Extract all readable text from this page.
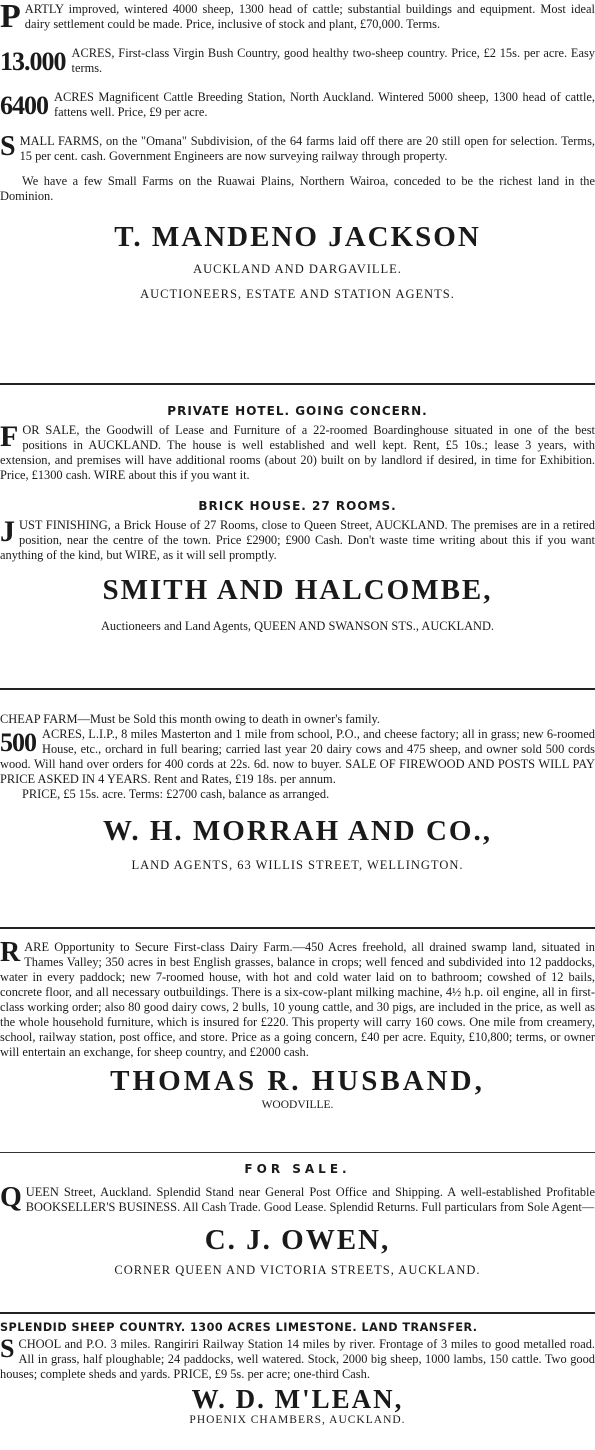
PARTLY improved, wintered 4000 sheep, 1300 head of cattle; substantial buildings and equipment. Most ideal dairy settlement could be made. Price, inclusive of stock and plant, £70,000. Terms.

13.000 ACRES, First-class Virgin Bush Country, good healthy two-sheep country. Price, £2 15s. per acre. Easy terms.

6400 ACRES Magnificent Cattle Breeding Station, North Auckland. Wintered 5000 sheep, 1300 head of cattle, fattens well. Price, £9 per acre.

SMALL FARMS, on the "Omana" Subdivision, of the 64 farms laid off there are 20 still open for selection. Terms, 15 per cent. cash. Government Engineers are now surveying railway through property.

We have a few Small Farms on the Ruawai Plains, Northern Wairoa, conceded to be the richest land in the Dominion.

T. MANDENO JACKSON

AUCKLAND AND DARGAVILLE.

AUCTIONEERS, ESTATE AND STATION AGENTS.

PRIVATE HOTEL. GOING CONCERN.

FOR SALE, the Goodwill of Lease and Furniture of a 22-roomed Boardinghouse situated in one of the best positions in AUCKLAND. The house is well established and well kept. Rent, £5 10s.; lease 3 years, with extension, and premises will have additional rooms (about 20) built on by landlord if desired, in time for Exhibition. Price, £1300 cash. WIRE about this if you want it.

BRICK HOUSE. 27 ROOMS.

JUST FINISHING, a Brick House of 27 Rooms, close to Queen Street, AUCKLAND. The premises are in a retired position, near the centre of the town. Price £2900; £900 Cash. Don't waste time writing about this if you want anything of the kind, but WIRE, as it will sell promptly.

SMITH AND HALCOMBE,

Auctioneers and Land Agents, QUEEN AND SWANSON STS., AUCKLAND.

CHEAP FARM—Must be Sold this month owing to death in owner's family.

500 ACRES, L.I.P., 8 miles Masterton and 1 mile from school, P.O., and cheese factory; all in grass; new 6-roomed House, etc., orchard in full bearing; carried last year 20 dairy cows and 475 sheep, and owner sold 500 cords wood. Will hand over orders for 400 cords at 22s. 6d. now to buyer. SALE OF FIREWOOD AND POSTS WILL PAY PRICE ASKED IN 4 YEARS. Rent and Rates, £19 18s. per annum.

PRICE, £5 15s. acre. Terms: £2700 cash, balance as arranged.

W. H. MORRAH AND CO.,

LAND AGENTS, 63 WILLIS STREET, WELLINGTON.

RARE Opportunity to Secure First-class Dairy Farm.—450 Acres freehold, all drained swamp land, situated in Thames Valley; 350 acres in best English grasses, balance in crops; well fenced and subdivided into 12 paddocks, water in every paddock; new 7-roomed house, with hot and cold water laid on to bathroom; cowshed of 12 bails, concrete floor, and all necessary outbuildings. There is a six-cow-plant milking machine, 4½ h.p. oil engine, all in first-class working order; also 80 good dairy cows, 2 bulls, 10 young cattle, and 30 pigs, are included in the price, as well as the whole household furniture, which is insured for £220. This property will carry 160 cows. One mile from creamery, school, railway station, post office, and store. Price as a going concern, £40 per acre. Equity, £10,800; terms, or owner will entertain an exchange, for sheep country, and £2000 cash.

THOMAS R. HUSBAND,

WOODVILLE.

FOR SALE.

QUEEN Street, Auckland. Splendid Stand near General Post Office and Shipping. A well-established Profitable BOOKSELLER'S BUSINESS. All Cash Trade. Good Lease. Splendid Returns. Full particulars from Sole Agent—

C. J. OWEN,

CORNER QUEEN AND VICTORIA STREETS, AUCKLAND.

SPLENDID SHEEP COUNTRY. 1300 ACRES LIMESTONE. LAND TRANSFER.

SCHOOL and P.O. 3 miles. Rangiriri Railway Station 14 miles by river. Frontage of 3 miles to good metalled road. All in grass, half ploughable; 24 paddocks, well watered. Stock, 2000 big sheep, 1000 lambs, 150 cattle. Two good houses; complete sheds and yards. PRICE, £9 5s. per acre; one-third Cash.

W. D. M'LEAN,

PHOENIX CHAMBERS, AUCKLAND.
